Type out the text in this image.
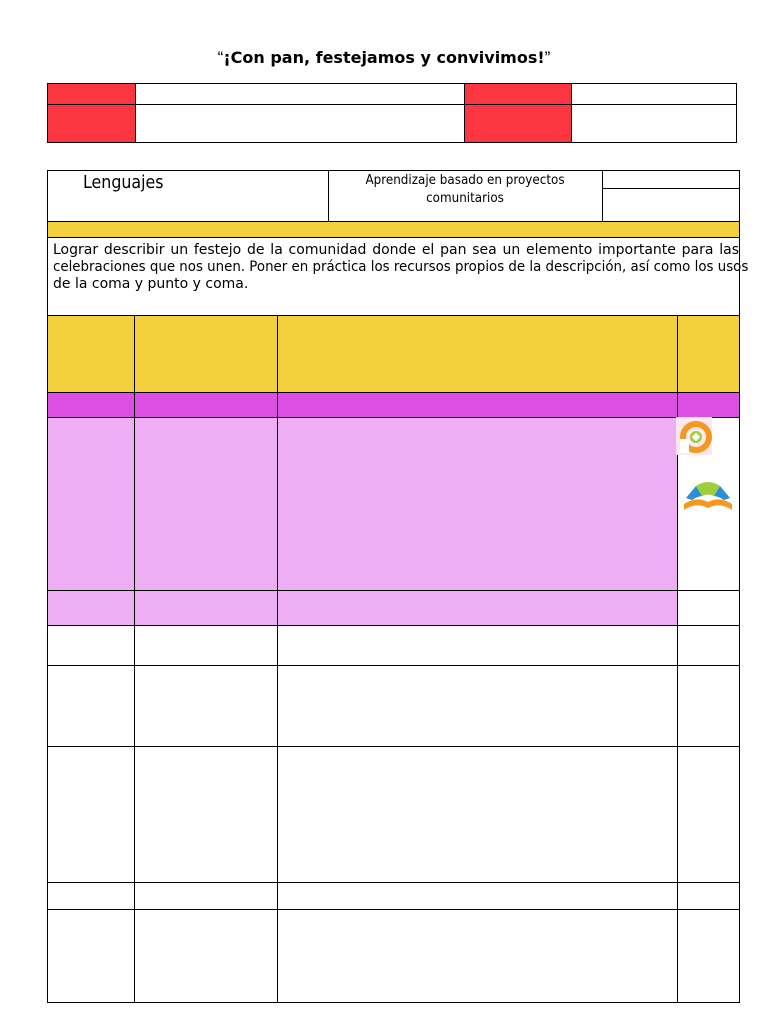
“¡Con pan, festejamos y convivimos!”
Lenguajes	Aprendizaje basado en proyectos
comunitarios
Lograr describir un festejo de la comunidad donde el pan sea un elemento importante para las
celebraciones que nos unen. Poner en práctica los recursos propios de la descripción, así como los usos
de la coma y punto y coma.
